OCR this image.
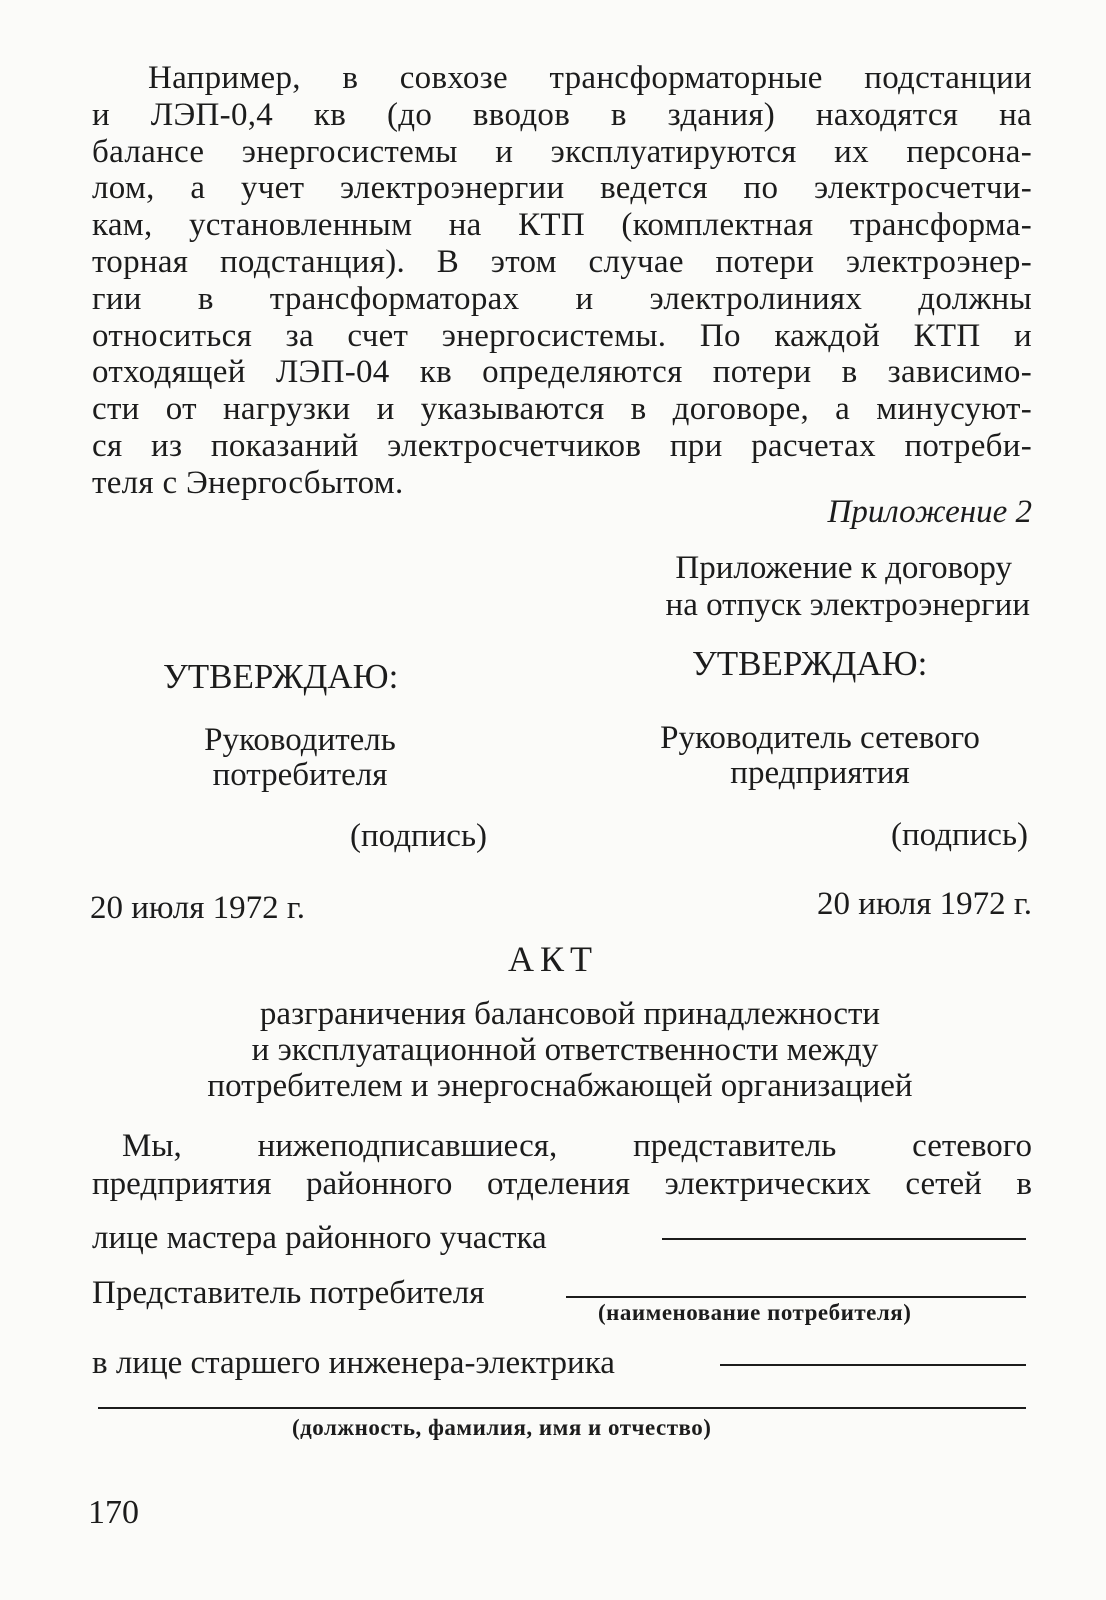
Например, в совхозе трансформаторные подстанции
и ЛЭП-0,4 кв (до вводов в здания) находятся на
балансе энергосистемы и эксплуатируются их персона-
лом, а учет электроэнергии ведется по электросчетчи-
кам, установленным на КТП (комплектная трансформа-
торная подстанция). В этом случае потери электроэнер-
гии в трансформаторах и электролиниях должны
относиться за счет энергосистемы. По каждой КТП и
отходящей ЛЭП-04 кв определяются потери в зависимо-
сти от нагрузки и указываются в договоре, а минусуют-
ся из показаний электросчетчиков при расчетах потреби-
теля с Энергосбытом.
Приложение 2
Приложение к договору
на отпуск электроэнергии
УТВЕРЖДАЮ:
Руководитель
потребителя
(подпись)
20 июля 1972 г.
УТВЕРЖДАЮ:
Руководитель сетевого
предприятия
(подпись)
20 июля 1972 г.
АКТ
разграничения балансовой принадлежности
и эксплуатационной ответственности между
потребителем и энергоснабжающей организацией
Мы, нижеподписавшиеся, представитель сетевого
предприятия районного отделения электрических сетей в
лице мастера районного участка
Представитель потребителя
(наименование потребителя)
в лице старшего инженера-электрика
(должность, фамилия, имя и отчество)
170
